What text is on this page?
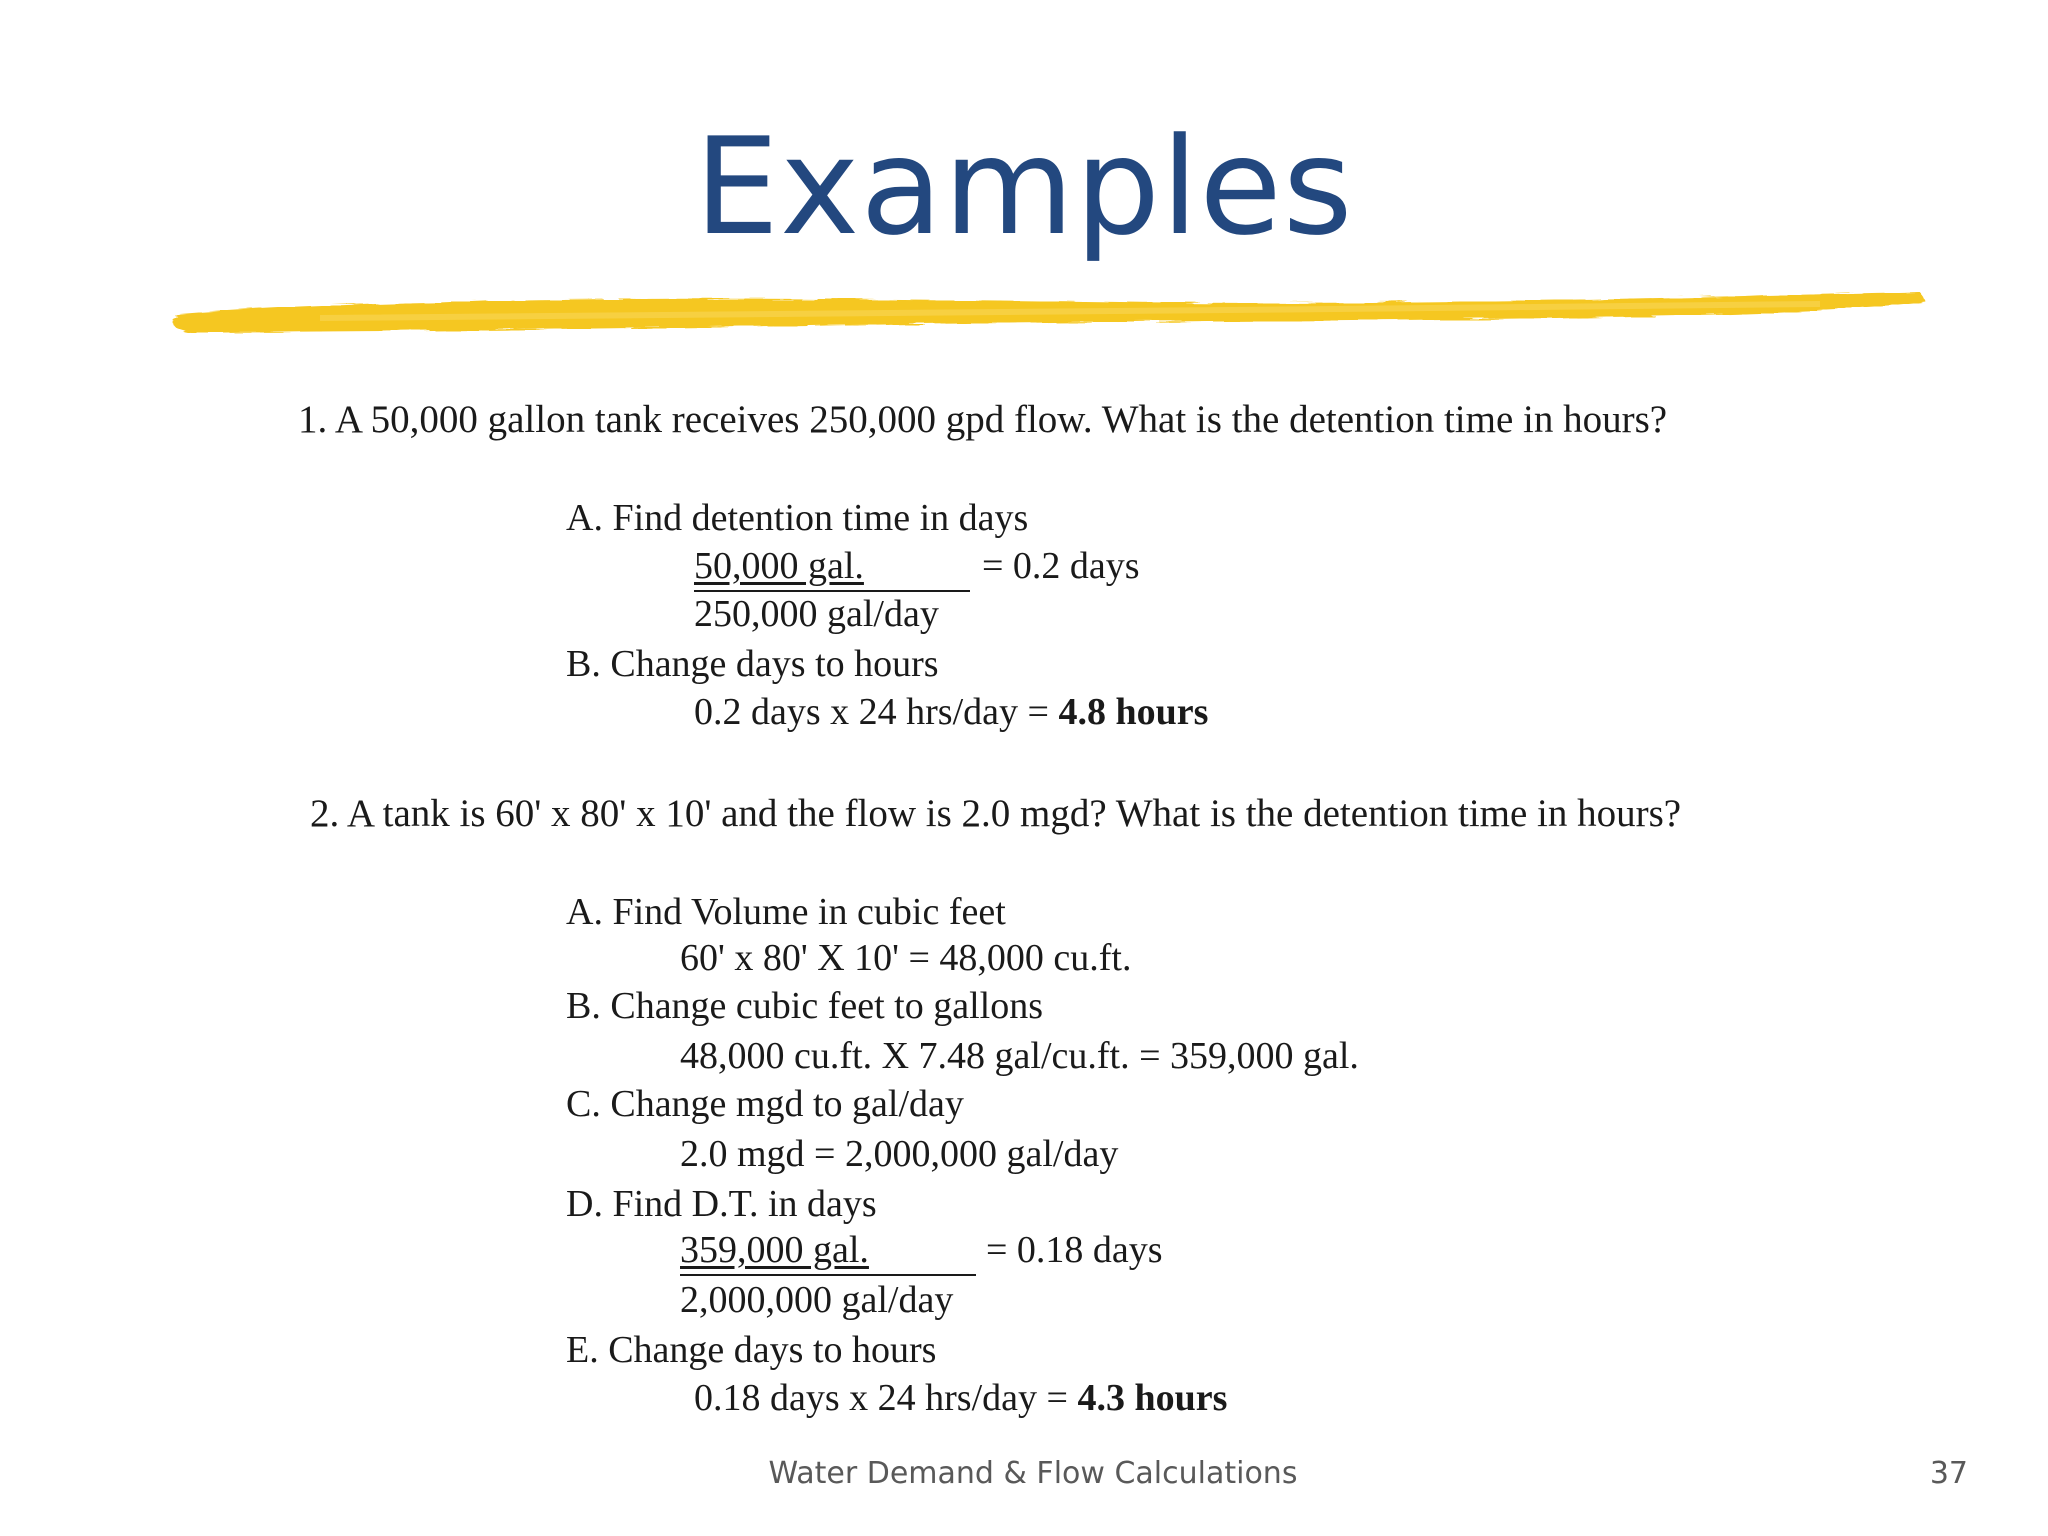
Examples
1. A 50,000 gallon tank receives 250,000 gpd flow. What is the detention time in hours?
A. Find detention time in days
50,000 gal.	= 0.2 days
250,000 gal/day
B. Change days to hours
0.2 days x 24 hrs/day = 4.8 hours
2. A tank is 60' x 80' x 10' and the flow is 2.0 mgd? What is the detention time in hours?
A. Find Volume in cubic feet
60' x 80' X 10' = 48,000 cu.ft.
B. Change cubic feet to gallons
48,000 cu.ft. X 7.48 gal/cu.ft. = 359,000 gal.
C. Change mgd to gal/day
2.0 mgd = 2,000,000 gal/day
D. Find D.T. in days
359,000 gal.	= 0.18 days
2,000,000 gal/day
E. Change days to hours
0.18 days x 24 hrs/day = 4.3 hours
Water Demand & Flow Calculations	37
